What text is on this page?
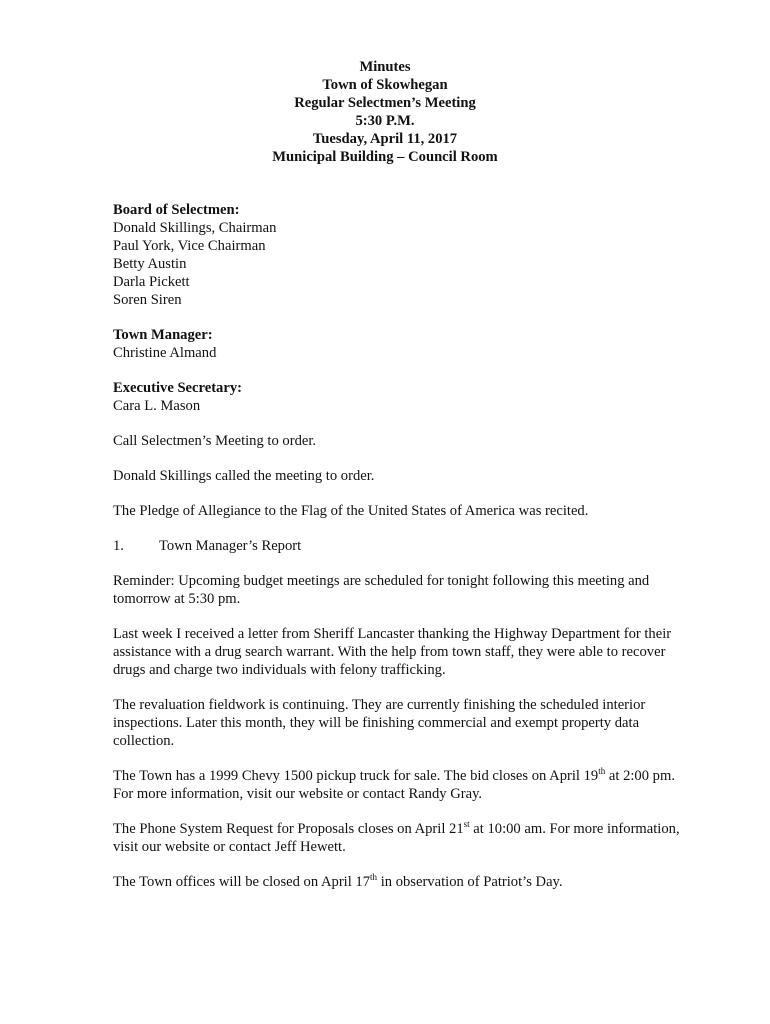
Minutes
Town of Skowhegan
Regular Selectmen’s Meeting
5:30 P.M.
Tuesday, April 11, 2017
Municipal Building – Council Room
Board of Selectmen:
Donald Skillings, Chairman
Paul York, Vice Chairman
Betty Austin
Darla Pickett
Soren Siren
Town Manager:
Christine Almand
Executive Secretary:
Cara L. Mason

Call Selectmen’s Meeting to order.

Donald Skillings called the meeting to order.

The Pledge of Allegiance to the Flag of the United States of America was recited.

1. Town Manager’s Report

Reminder: Upcoming budget meetings are scheduled for tonight following this meeting and tomorrow at 5:30 pm.

Last week I received a letter from Sheriff Lancaster thanking the Highway Department for their assistance with a drug search warrant. With the help from town staff, they were able to recover drugs and charge two individuals with felony trafficking.

The revaluation fieldwork is continuing. They are currently finishing the scheduled interior inspections. Later this month, they will be finishing commercial and exempt property data collection.

The Town has a 1999 Chevy 1500 pickup truck for sale. The bid closes on April 19th at 2:00 pm. For more information, visit our website or contact Randy Gray.

The Phone System Request for Proposals closes on April 21st at 10:00 am. For more information, visit our website or contact Jeff Hewett.

The Town offices will be closed on April 17th in observation of Patriot’s Day.
